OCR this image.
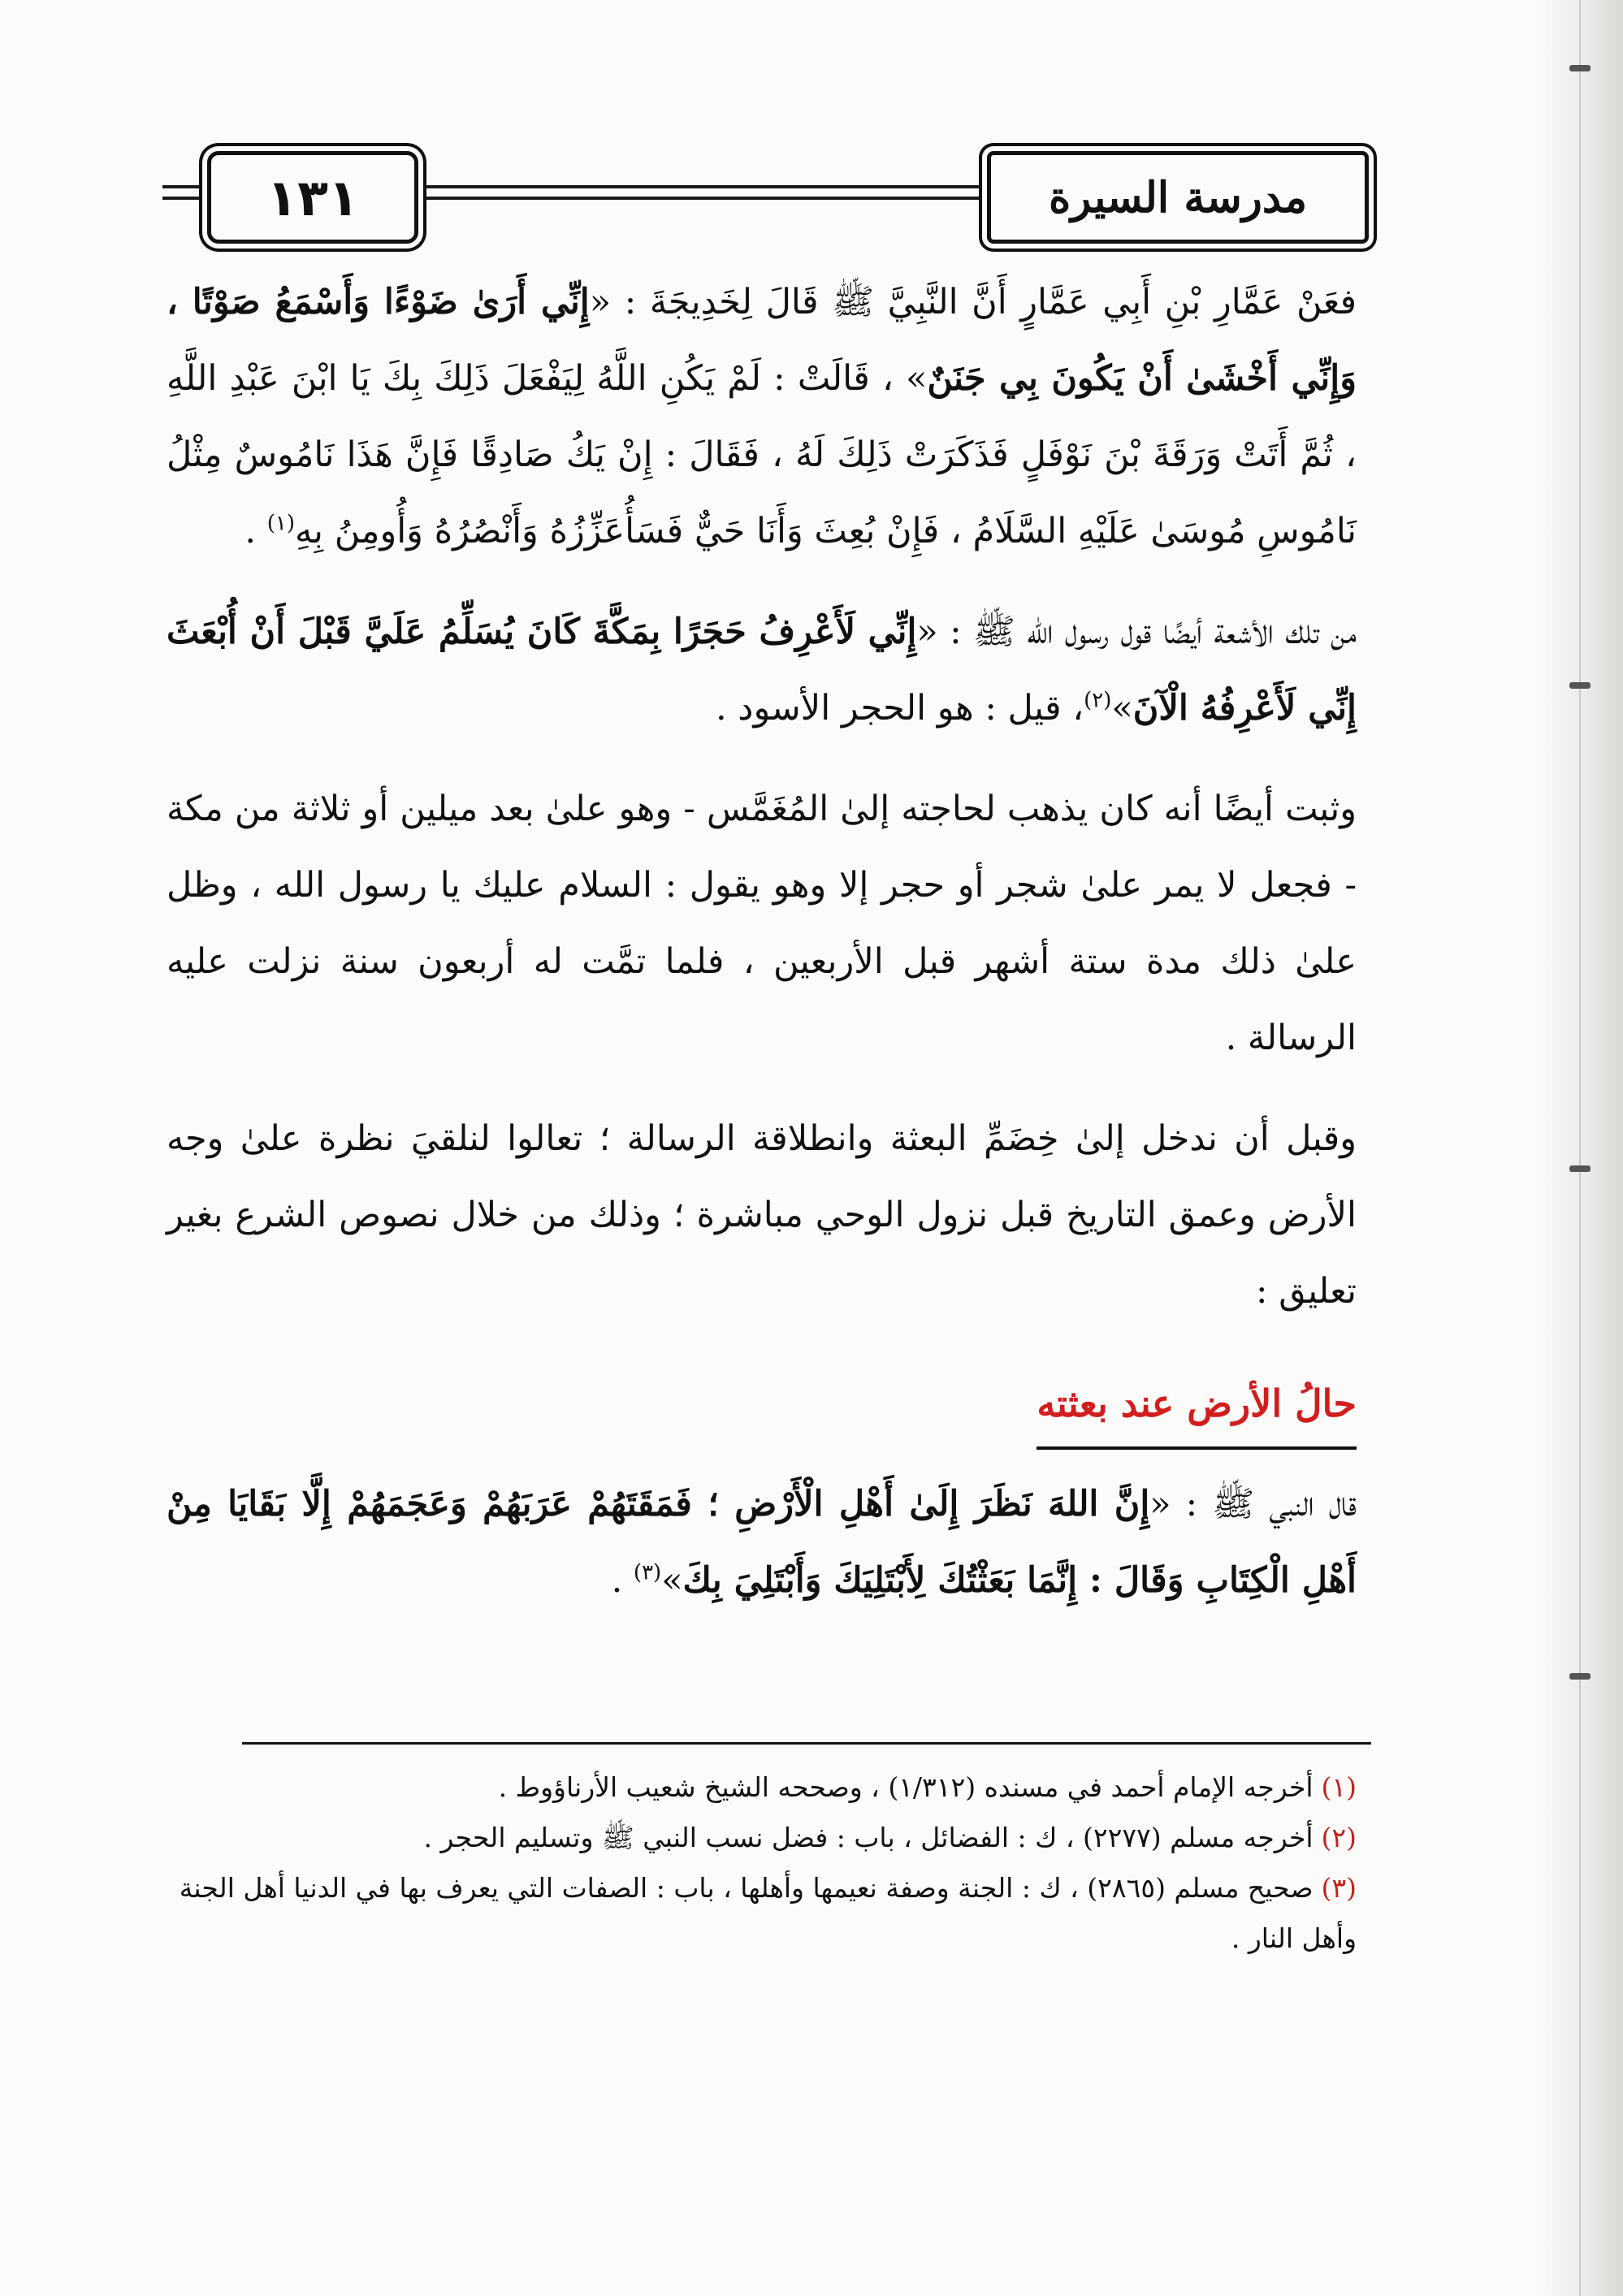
١٣١	مدرسة السيرة

فعَنْ عَمَّارِ بْنِ أَبِي عَمَّارٍ أَنَّ النَّبِيَّ ﷺ قَالَ لِخَدِيجَةَ : «إِنِّي أَرَىٰ ضَوْءًا وَأَسْمَعُ صَوْتًا ، وَإِنِّي أَخْشَىٰ أَنْ يَكُونَ بِي جَنَنٌ» ، قَالَتْ : لَمْ يَكُنِ اللَّهُ لِيَفْعَلَ ذَلِكَ بِكَ يَا ابْنَ عَبْدِ اللَّهِ ، ثُمَّ أَتَتْ وَرَقَةَ بْنَ نَوْفَلٍ فَذَكَرَتْ ذَلِكَ لَهُ ، فَقَالَ : إِنْ يَكُ صَادِقًا فَإِنَّ هَذَا نَامُوسٌ مِثْلُ نَامُوسِ مُوسَىٰ عَلَيْهِ السَّلَامُ ، فَإِنْ بُعِثَ وَأَنَا حَيٌّ فَسَأُعَزِّزُهُ وَأَنْصُرُهُ وَأُومِنُ بِهِ$^{(١)}$ .

من تلك الأشعة أيضًا قول رسول الله ﷺ : «إِنِّي لَأَعْرِفُ حَجَرًا بِمَكَّةَ كَانَ يُسَلِّمُ عَلَيَّ قَبْلَ أَنْ أُبْعَثَ إِنِّي لَأَعْرِفُهُ الْآنَ»$^{(٢)}$، قيل : هو الحجر الأسود .

وثبت أيضًا أنه كان يذهب لحاجته إلىٰ المُغَمَّس - وهو علىٰ بعد ميلين أو ثلاثة من مكة - فجعل لا يمر علىٰ شجر أو حجر إلا وهو يقول : السلام عليك يا رسول الله ، وظل علىٰ ذلك مدة ستة أشهر قبل الأربعين ، فلما تمَّت له أربعون سنة نزلت عليه الرسالة .

وقبل أن ندخل إلىٰ خِضَمِّ البعثة وانطلاقة الرسالة ؛ تعالوا لنلقيَ نظرة علىٰ وجه الأرض وعمق التاريخ قبل نزول الوحي مباشرة ؛ وذلك من خلال نصوص الشرع بغير تعليق :

حالُ الأرض عند بعثته

قال النبي ﷺ : «إِنَّ اللهَ نَظَرَ إِلَىٰ أَهْلِ الْأَرْضِ ؛ فَمَقَتَهُمْ عَرَبَهُمْ وَعَجَمَهُمْ إِلَّا بَقَايَا مِنْ أَهْلِ الْكِتَابِ وَقَالَ : إِنَّمَا بَعَثْتُكَ لِأَبْتَلِيَكَ وَأَبْتَلِيَ بِكَ»$^{(٣)}$ .

(١)أخرجه الإمام أحمد في مسنده (١/٣١٢) ، وصححه الشيخ شعيب الأرناؤوط .

(٢)أخرجه مسلم (٢٢٧٧) ، ك : الفضائل ، باب : فضل نسب النبي ﷺ وتسليم الحجر .

(٣)صحيح مسلم (٢٨٦٥) ، ك : الجنة وصفة نعيمها وأهلها ، باب : الصفات التي يعرف بها في الدنيا أهل الجنة وأهل النار .
